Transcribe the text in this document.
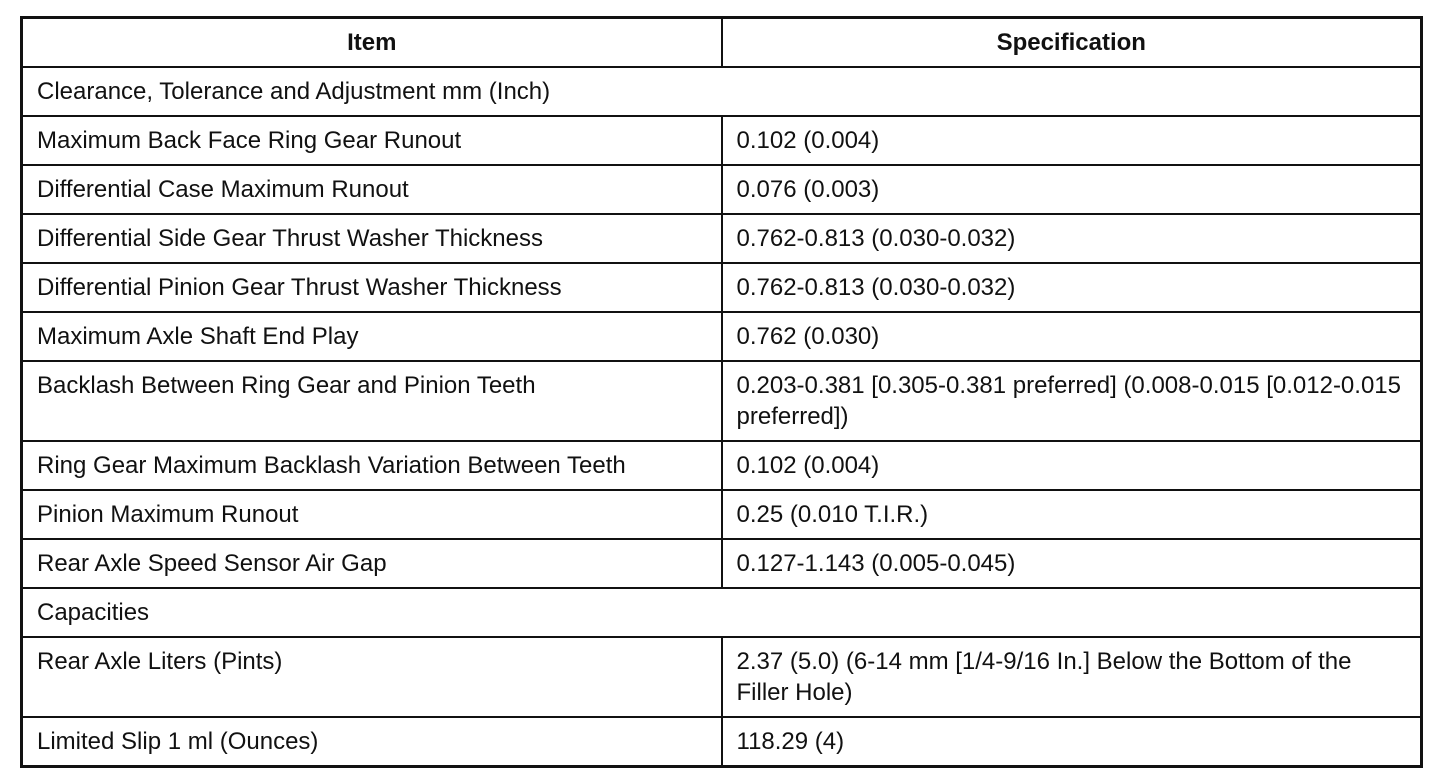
Item	Specification
Clearance, Tolerance and Adjustment mm (Inch)	
Maximum Back Face Ring Gear Runout	0.102 (0.004)
Differential Case Maximum Runout	0.076 (0.003)
Differential Side Gear Thrust Washer Thickness	0.762-0.813 (0.030-0.032)
Differential Pinion Gear Thrust Washer Thickness	0.762-0.813 (0.030-0.032)
Maximum Axle Shaft End Play	0.762 (0.030)
Backlash Between Ring Gear and Pinion Teeth	0.203-0.381 [0.305-0.381 preferred] (0.008-0.015 [0.012-0.015 preferred])
Ring Gear Maximum Backlash Variation Between Teeth	0.102 (0.004)
Pinion Maximum Runout	0.25 (0.010 T.I.R.)
Rear Axle Speed Sensor Air Gap	0.127-1.143 (0.005-0.045)
Capacities	
Rear Axle Liters (Pints)	2.37 (5.0) (6-14 mm [1/4-9/16 In.] Below the Bottom of the Filler Hole)
Limited Slip 1 ml (Ounces)	118.29 (4)
